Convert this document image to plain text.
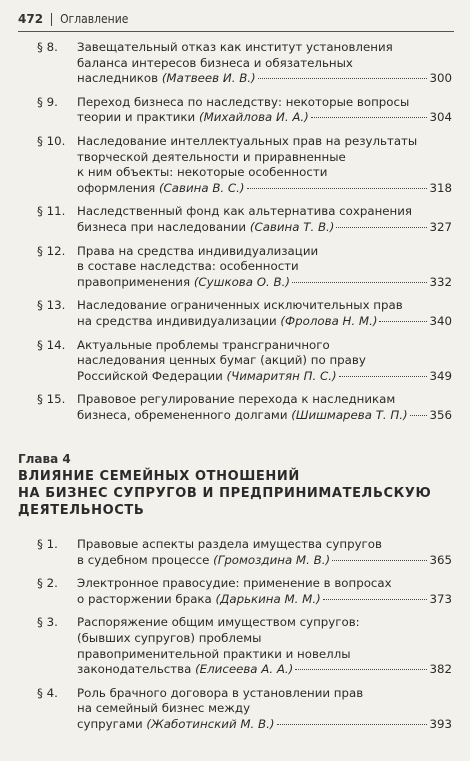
472 Оглавление
§ 8.	Завещательный отказ как институт установления
баланса интересов бизнеса и обязательных
наследников (Матвеев И. В.)	300
§ 9.	Переход бизнеса по наследству: некоторые вопросы
теории и практики (Михайлова И. А.)	304
§ 10. Наследование интеллектуальных прав на результаты
творческой деятельности и приравненные
к ним объекты: некоторые особенности
оформления (Савина В. С.)	318
§ 11. Наследственный фонд как альтернатива сохранения
бизнеса при наследовании (Савина Т. В.)	327
§ 12. Права на средства индивидуализации
в составе наследства: особенности
правоприменения (Сушкова О. В.)	332
§ 13. Наследование ограниченных исключительных прав
на средства индивидуализации (Фролова Н. М.)	340
§ 14. Актуальные проблемы трансграничного
наследования ценных бумаг (акций) по праву
Российской Федерации (Чимаритян П. С.)	349
§ 15. Правовое регулирование перехода к наследникам
бизнеса, обремененного долгами (Шишмарева Т. П.) 356
Глава 4
ВЛИЯНИЕ СЕМЕЙНЫХ ОТНОШЕНИЙ
НА БИЗНЕС СУПРУГОВ И ПРЕДПРИНИМАТЕЛЬСКУЮ
ДЕЯТЕЛЬНОСТЬ
§ 1.	Правовые аспекты раздела имущества супругов
в судебном процессе (Громоздина М. В.)	365
§ 2.	Электронное правосудие: применение в вопросах
о расторжении брака (Дарькина М. М.)	373
§ 3.	Распоряжение общим имуществом супругов:
(бывших супругов) проблемы
правоприменительной практики и новеллы
законодательства (Елисеева А. А.)	382
§ 4.	Роль брачного договора в установлении прав
на семейный бизнес между
супругами (Жаботинский М. В.)	393
